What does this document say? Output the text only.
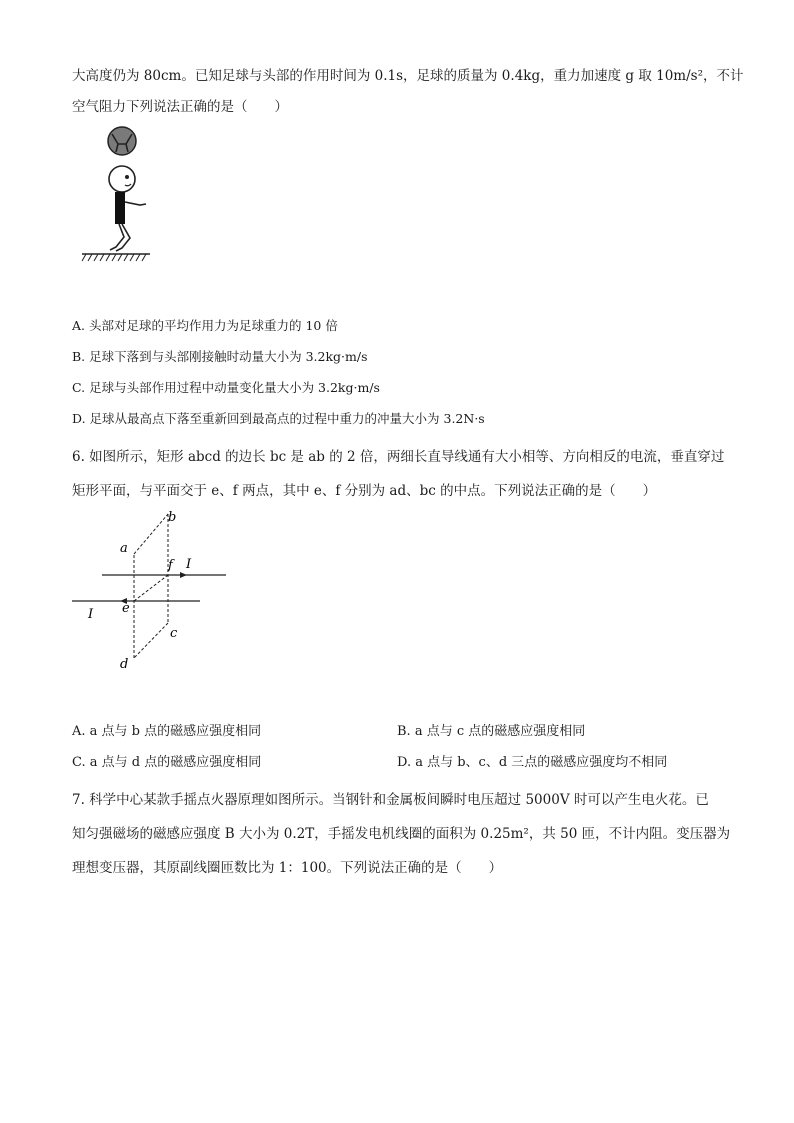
大高度仍为 80cm。已知足球与头部的作用时间为 0.1s，足球的质量为 0.4kg，重力加速度 g 取 10m/s²，不计
空气阻力下列说法正确的是（　　）
A. 头部对足球的平均作用力为足球重力的 10 倍
B. 足球下落到与头部刚接触时动量大小为 3.2kg·m/s
C. 足球与头部作用过程中动量变化量大小为 3.2kg·m/s
D. 足球从最高点下落至重新回到最高点的过程中重力的冲量大小为 3.2N·s
6. 如图所示，矩形 abcd 的边长 bc 是 ab 的 2 倍，两细长直导线通有大小相等、方向相反的电流，垂直穿过
矩形平面，与平面交于 e、f 两点，其中 e、f 分别为 ad、bc 的中点。下列说法正确的是（　　）
b
a
f I
e
I
c
d
A. a 点与 b 点的磁感应强度相同	B. a 点与 c 点的磁感应强度相同
C. a 点与 d 点的磁感应强度相同	D. a 点与 b、c、d 三点的磁感应强度均不相同
7. 科学中心某款手摇点火器原理如图所示。当钢针和金属板间瞬时电压超过 5000V 时可以产生电火花。已
知匀强磁场的磁感应强度 B 大小为 0.2T，手摇发电机线圈的面积为 0.25m²，共 50 匝，不计内阻。变压器为
理想变压器，其原副线圈匝数比为 1：100。下列说法正确的是（　　）
